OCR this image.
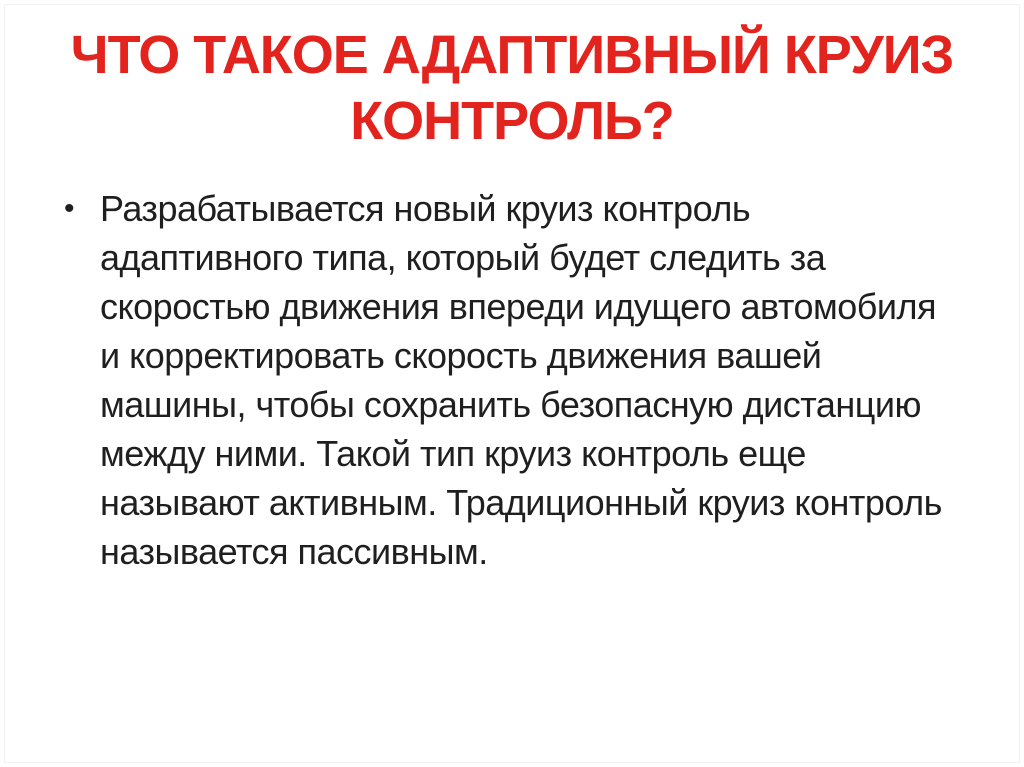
ЧТО ТАКОЕ АДАПТИВНЫЙ КРУИЗ КОНТРОЛЬ?
• Разрабатывается новый круиз контроль адаптивного типа, который будет следить за скоростью движения впереди идущего автомобиля и корректировать скорость движения вашей машины, чтобы сохранить безопасную дистанцию между ними. Такой тип круиз контроль еще называют активным. Традиционный круиз контроль называется пассивным.
